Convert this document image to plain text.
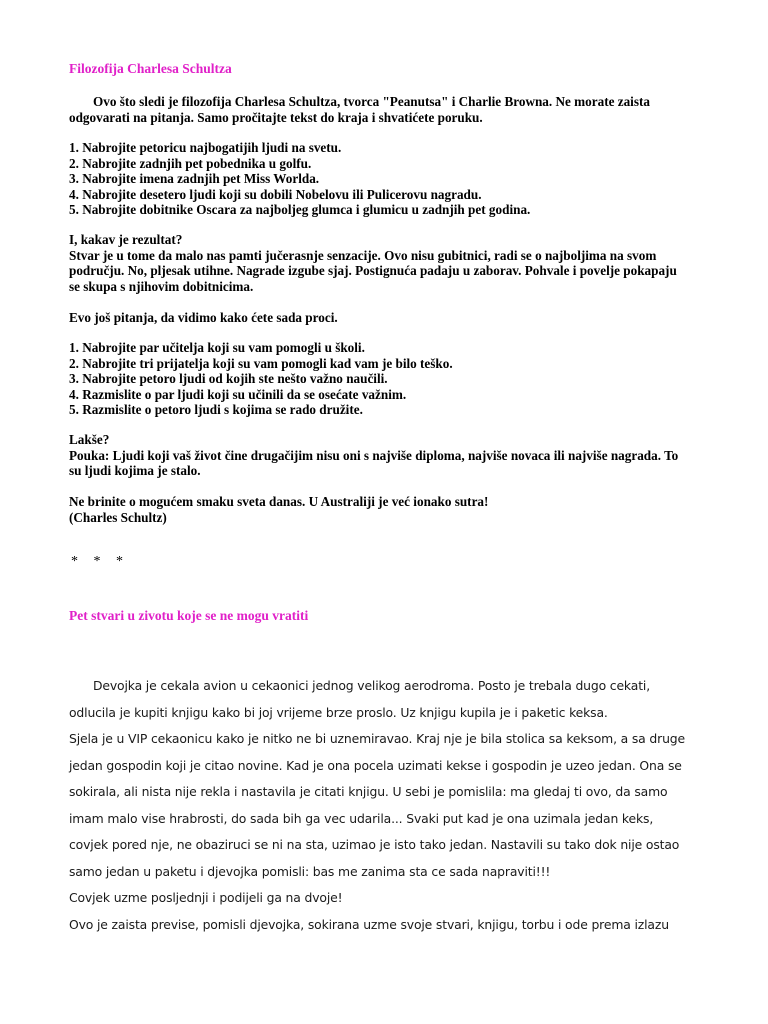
Filozofija Charlesa Schultza

Ovo što sledi je filozofija Charlesa Schultza, tvorca "Peanutsa" i Charlie Browna. Ne morate zaista odgovarati na pitanja. Samo pročitajte tekst do kraja i shvatićete poruku.

1. Nabrojite petoricu najbogatijih ljudi na svetu.

2. Nabrojite zadnjih pet pobednika u golfu.

3. Nabrojite imena zadnjih pet Miss Worlda.

4. Nabrojite desetero ljudi koji su dobili Nobelovu ili Pulicerovu nagradu.

5. Nabrojite dobitnike Oscara za najboljeg glumca i glumicu u zadnjih pet godina.

I, kakav je rezultat?

Stvar je u tome da malo nas pamti jučerasnje senzacije. Ovo nisu gubitnici, radi se o najboljima na svom području. No, pljesak utihne. Nagrade izgube sjaj. Postignuća padaju u zaborav. Pohvale i povelje pokapaju se skupa s njihovim dobitnicima.

Evo još pitanja, da vidimo kako ćete sada proci.

1. Nabrojite par učitelja koji su vam pomogli u školi.

2. Nabrojite tri prijatelja koji su vam pomogli kad vam je bilo teško.

3. Nabrojite petoro ljudi od kojih ste nešto važno naučili.

4. Razmislite o par ljudi koji su učinili da se osećate važnim.

5. Razmislite o petoro ljudi s kojima se rado družite.

Lakše?

Pouka: Ljudi koji vaš život čine drugačijim nisu oni s najviše diploma, najviše novaca ili najviše nagrada. To su ljudi kojima je stalo.

Ne brinite o mogućem smaku sveta danas. U Australiji je već ionako sutra!

(Charles Schultz)

* * *
Pet stvari u zivotu koje se ne mogu vratiti

Devojka je cekala avion u cekaonici jednog velikog aerodroma. Posto je trebala dugo cekati, odlucila je kupiti knjigu kako bi joj vrijeme brze proslo. Uz knjigu kupila je i paketic keksa.

Sjela je u VIP cekaonicu kako je nitko ne bi uznemiravao. Kraj nje je bila stolica sa keksom, a sa druge jedan gospodin koji je citao novine. Kad je ona pocela uzimati kekse i gospodin je uzeo jedan. Ona se sokirala, ali nista nije rekla i nastavila je citati knjigu. U sebi je pomislila: ma gledaj ti ovo, da samo imam malo vise hrabrosti, do sada bih ga vec udarila... Svaki put kad je ona uzimala jedan keks, covjek pored nje, ne obaziruci se ni na sta, uzimao je isto tako jedan. Nastavili su tako dok nije ostao samo jedan u paketu i djevojka pomisli: bas me zanima sta ce sada napraviti!!!

Covjek uzme posljednji i podijeli ga na dvoje!

Ovo je zaista previse, pomisli djevojka, sokirana uzme svoje stvari, knjigu, torbu i ode prema izlazu
